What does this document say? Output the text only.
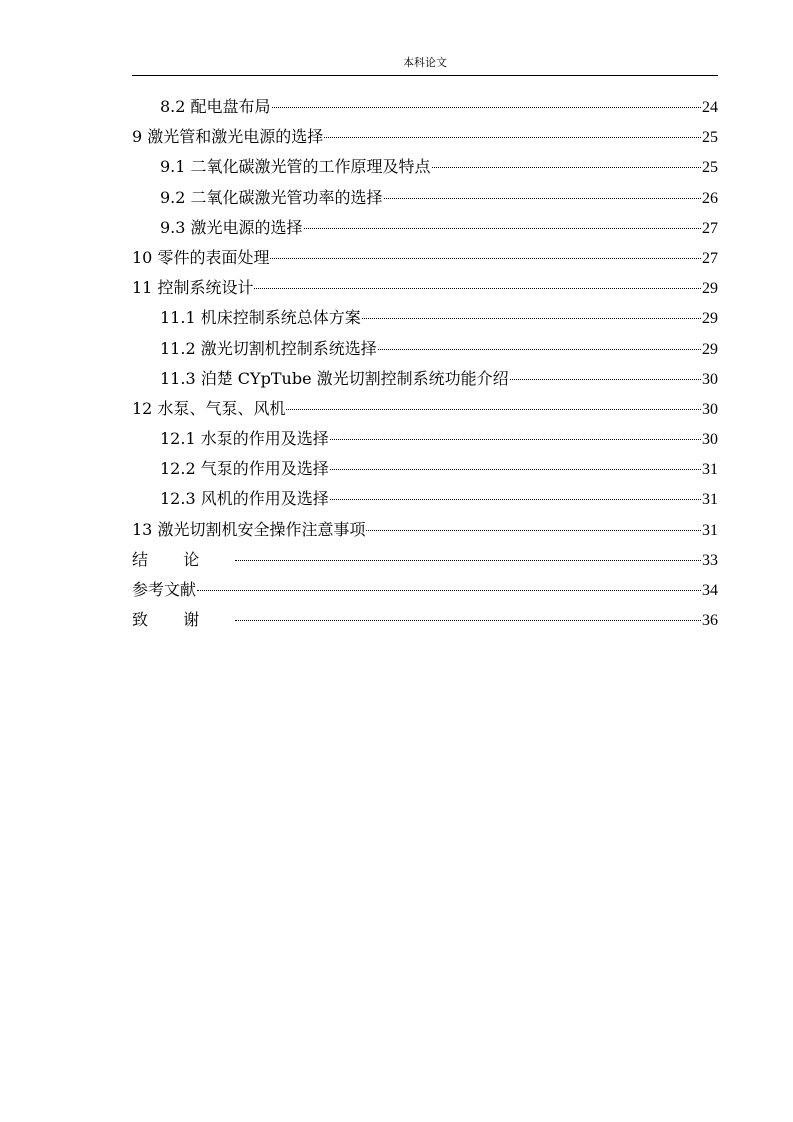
本科论文
8.2 配电盘布局	24
9 激光管和激光电源的选择	25
9.1 二氧化碳激光管的工作原理及特点	25
9.2 二氧化碳激光管功率的选择	26
9.3 激光电源的选择	27
10 零件的表面处理	27
11 控制系统设计	29
11.1 机床控制系统总体方案	29
11.2 激光切割机控制系统选择	29
11.3 泊楚 CYpTube 激光切割控制系统功能介绍	30
12 水泵、气泵、风机	30
12.1 水泵的作用及选择	30
12.2 气泵的作用及选择	31
12.3 风机的作用及选择	31
13 激光切割机安全操作注意事项	31
结论	33
参考文献	34
致谢	36
